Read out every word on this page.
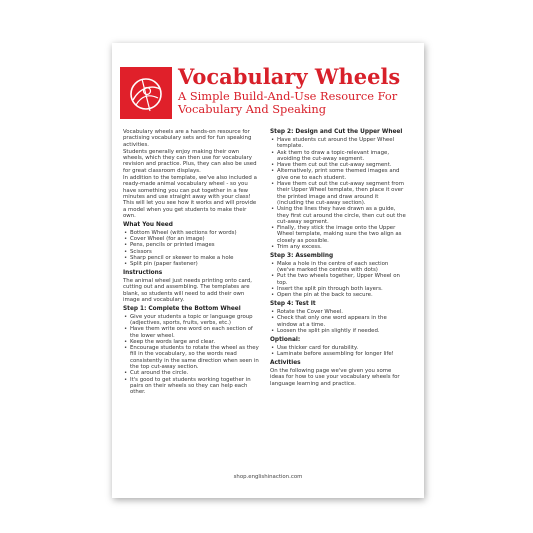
Vocabulary Wheels
A Simple Build-And-Use Resource For Vocabulary And Speaking

Vocabulary wheels are a hands-on resource for practising vocabulary sets and for fun speaking activities.

Students generally enjoy making their own wheels, which they can then use for vocabulary revision and practice. Plus, they can also be used for great classroom displays.

In addition to the template, we've also included a ready-made animal vocabulary wheel - so you have something you can put together in a few minutes and use straight away with your class! This will let you see how it works and will provide a model when you get students to make their own.

What You Need
• Bottom Wheel (with sections for words)
• Cover Wheel (for an image)
• Pens, pencils or printed images
• Scissors
• Sharp pencil or skewer to make a hole
• Split pin (paper fastener)
Instructions

The animal wheel just needs printing onto card, cutting out and assembling. The templates are blank, so students will need to add their own image and vocabulary.

Step 1: Complete the Bottom Wheel
• Give your students a topic or language group (adjectives, sports, fruits, verbs, etc.)
• Have them write one word on each section of the lower wheel.
• Keep the words large and clear.
• Encourage students to rotate the wheel as they fill in the vocabulary, so the words read consistently in the same direction when seen in the top cut-away section.
• Cut around the circle.
• It's good to get students working together in pairs on their wheels so they can help each other.
Step 2: Design and Cut the Upper Wheel
• Have students cut around the Upper Wheel template.
• Ask them to draw a topic-relevant image, avoiding the cut-away segment.
• Have them cut out the cut-away segment.
• Alternatively, print some themed images and give one to each student.
• Have them cut out the cut-away segment from their Upper Wheel template, then place it over the printed image and draw around it (including the cut-away section).
• Using the lines they have drawn as a guide, they first cut around the circle, then cut out the cut-away segment.
• Finally, they stick the image onto the Upper Wheel template, making sure the two align as closely as possible.
• Trim any excess.
Step 3: Assembling
• Make a hole in the centre of each section (we've marked the centres with dots)
• Put the two wheels together, Upper Wheel on top.
• Insert the split pin through both layers.
• Open the pin at the back to secure.
Step 4: Test It
• Rotate the Cover Wheel.
• Check that only one word appears in the window at a time.
• Loosen the split pin slightly if needed.
Optional:
• Use thicker card for durability.
• Laminate before assembling for longer life!
Activities

On the following page we've given you some ideas for how to use your vocabulary wheels for language learning and practice.

shop.englishinaction.com
